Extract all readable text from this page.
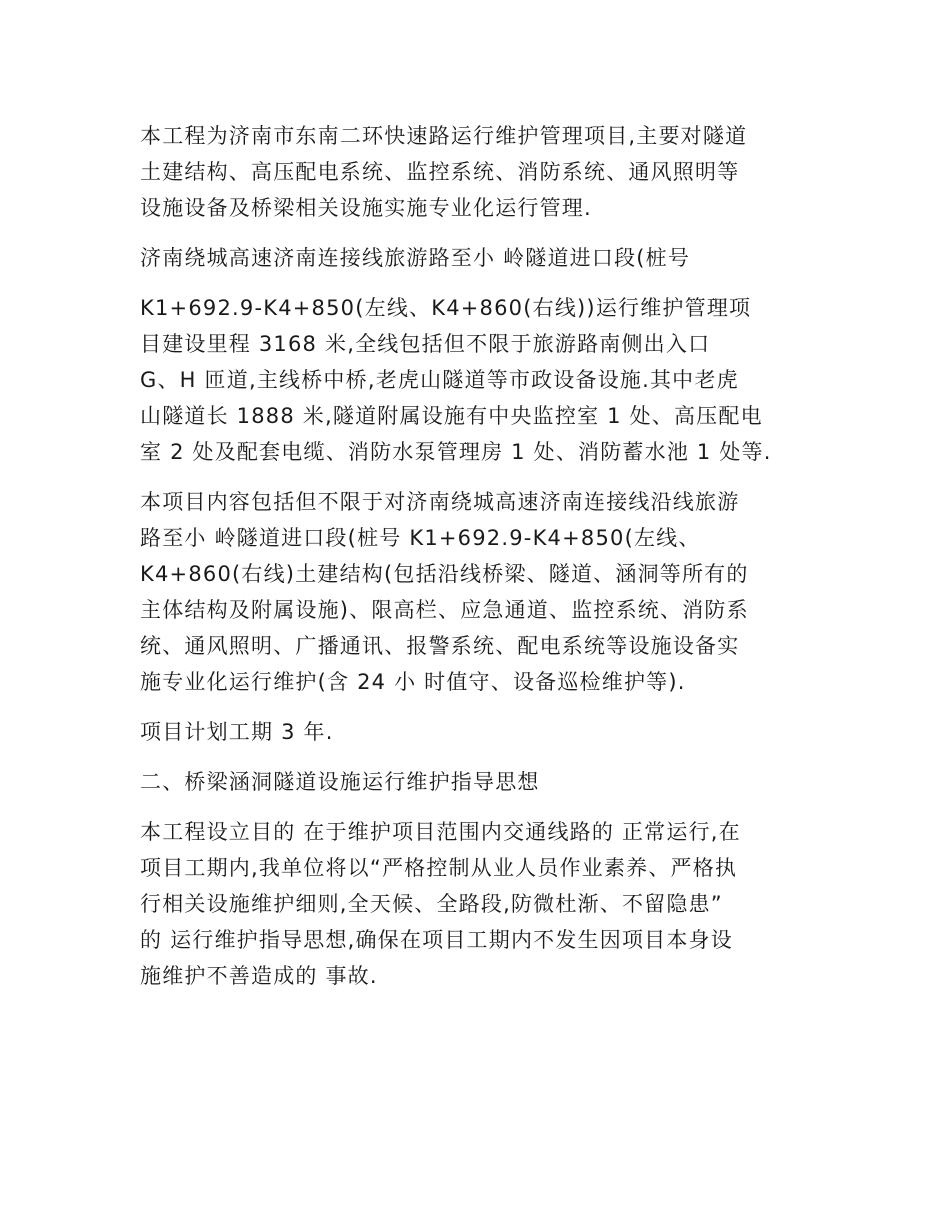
本工程为济南市东南二环快速路运行维护管理项目,主要对隧道
土建结构、高压配电系统、监控系统、消防系统、通风照明等
设施设备及桥梁相关设施实施专业化运行管理.
济南绕城高速济南连接线旅游路至小 岭隧道进口段(桩号
K1+692.9-K4+850(左线、K4+860(右线))运行维护管理项
目建设里程 3168 米,全线包括但不限于旅游路南侧出入口
G、H 匝道,主线桥中桥,老虎山隧道等市政设备设施.其中老虎
山隧道长 1888 米,隧道附属设施有中央监控室 1 处、高压配电
室 2 处及配套电缆、消防水泵管理房 1 处、消防蓄水池 1 处等.
本项目内容包括但不限于对济南绕城高速济南连接线沿线旅游
路至小 岭隧道进口段(桩号 K1+692.9-K4+850(左线、
K4+860(右线)土建结构(包括沿线桥梁、隧道、涵洞等所有的
主体结构及附属设施)、限高栏、应急通道、监控系统、消防系
统、通风照明、广播通讯、报警系统、配电系统等设施设备实
施专业化运行维护(含 24 小 时值守、设备巡检维护等).
项目计划工期 3 年.
二、桥梁涵洞隧道设施运行维护指导思想
本工程设立目的 在于维护项目范围内交通线路的 正常运行,在
项目工期内,我单位将以“严格控制从业人员作业素养、严格执
行相关设施维护细则,全天候、全路段,防微杜渐、不留隐患”
的 运行维护指导思想,确保在项目工期内不发生因项目本身设
施维护不善造成的 事故.
